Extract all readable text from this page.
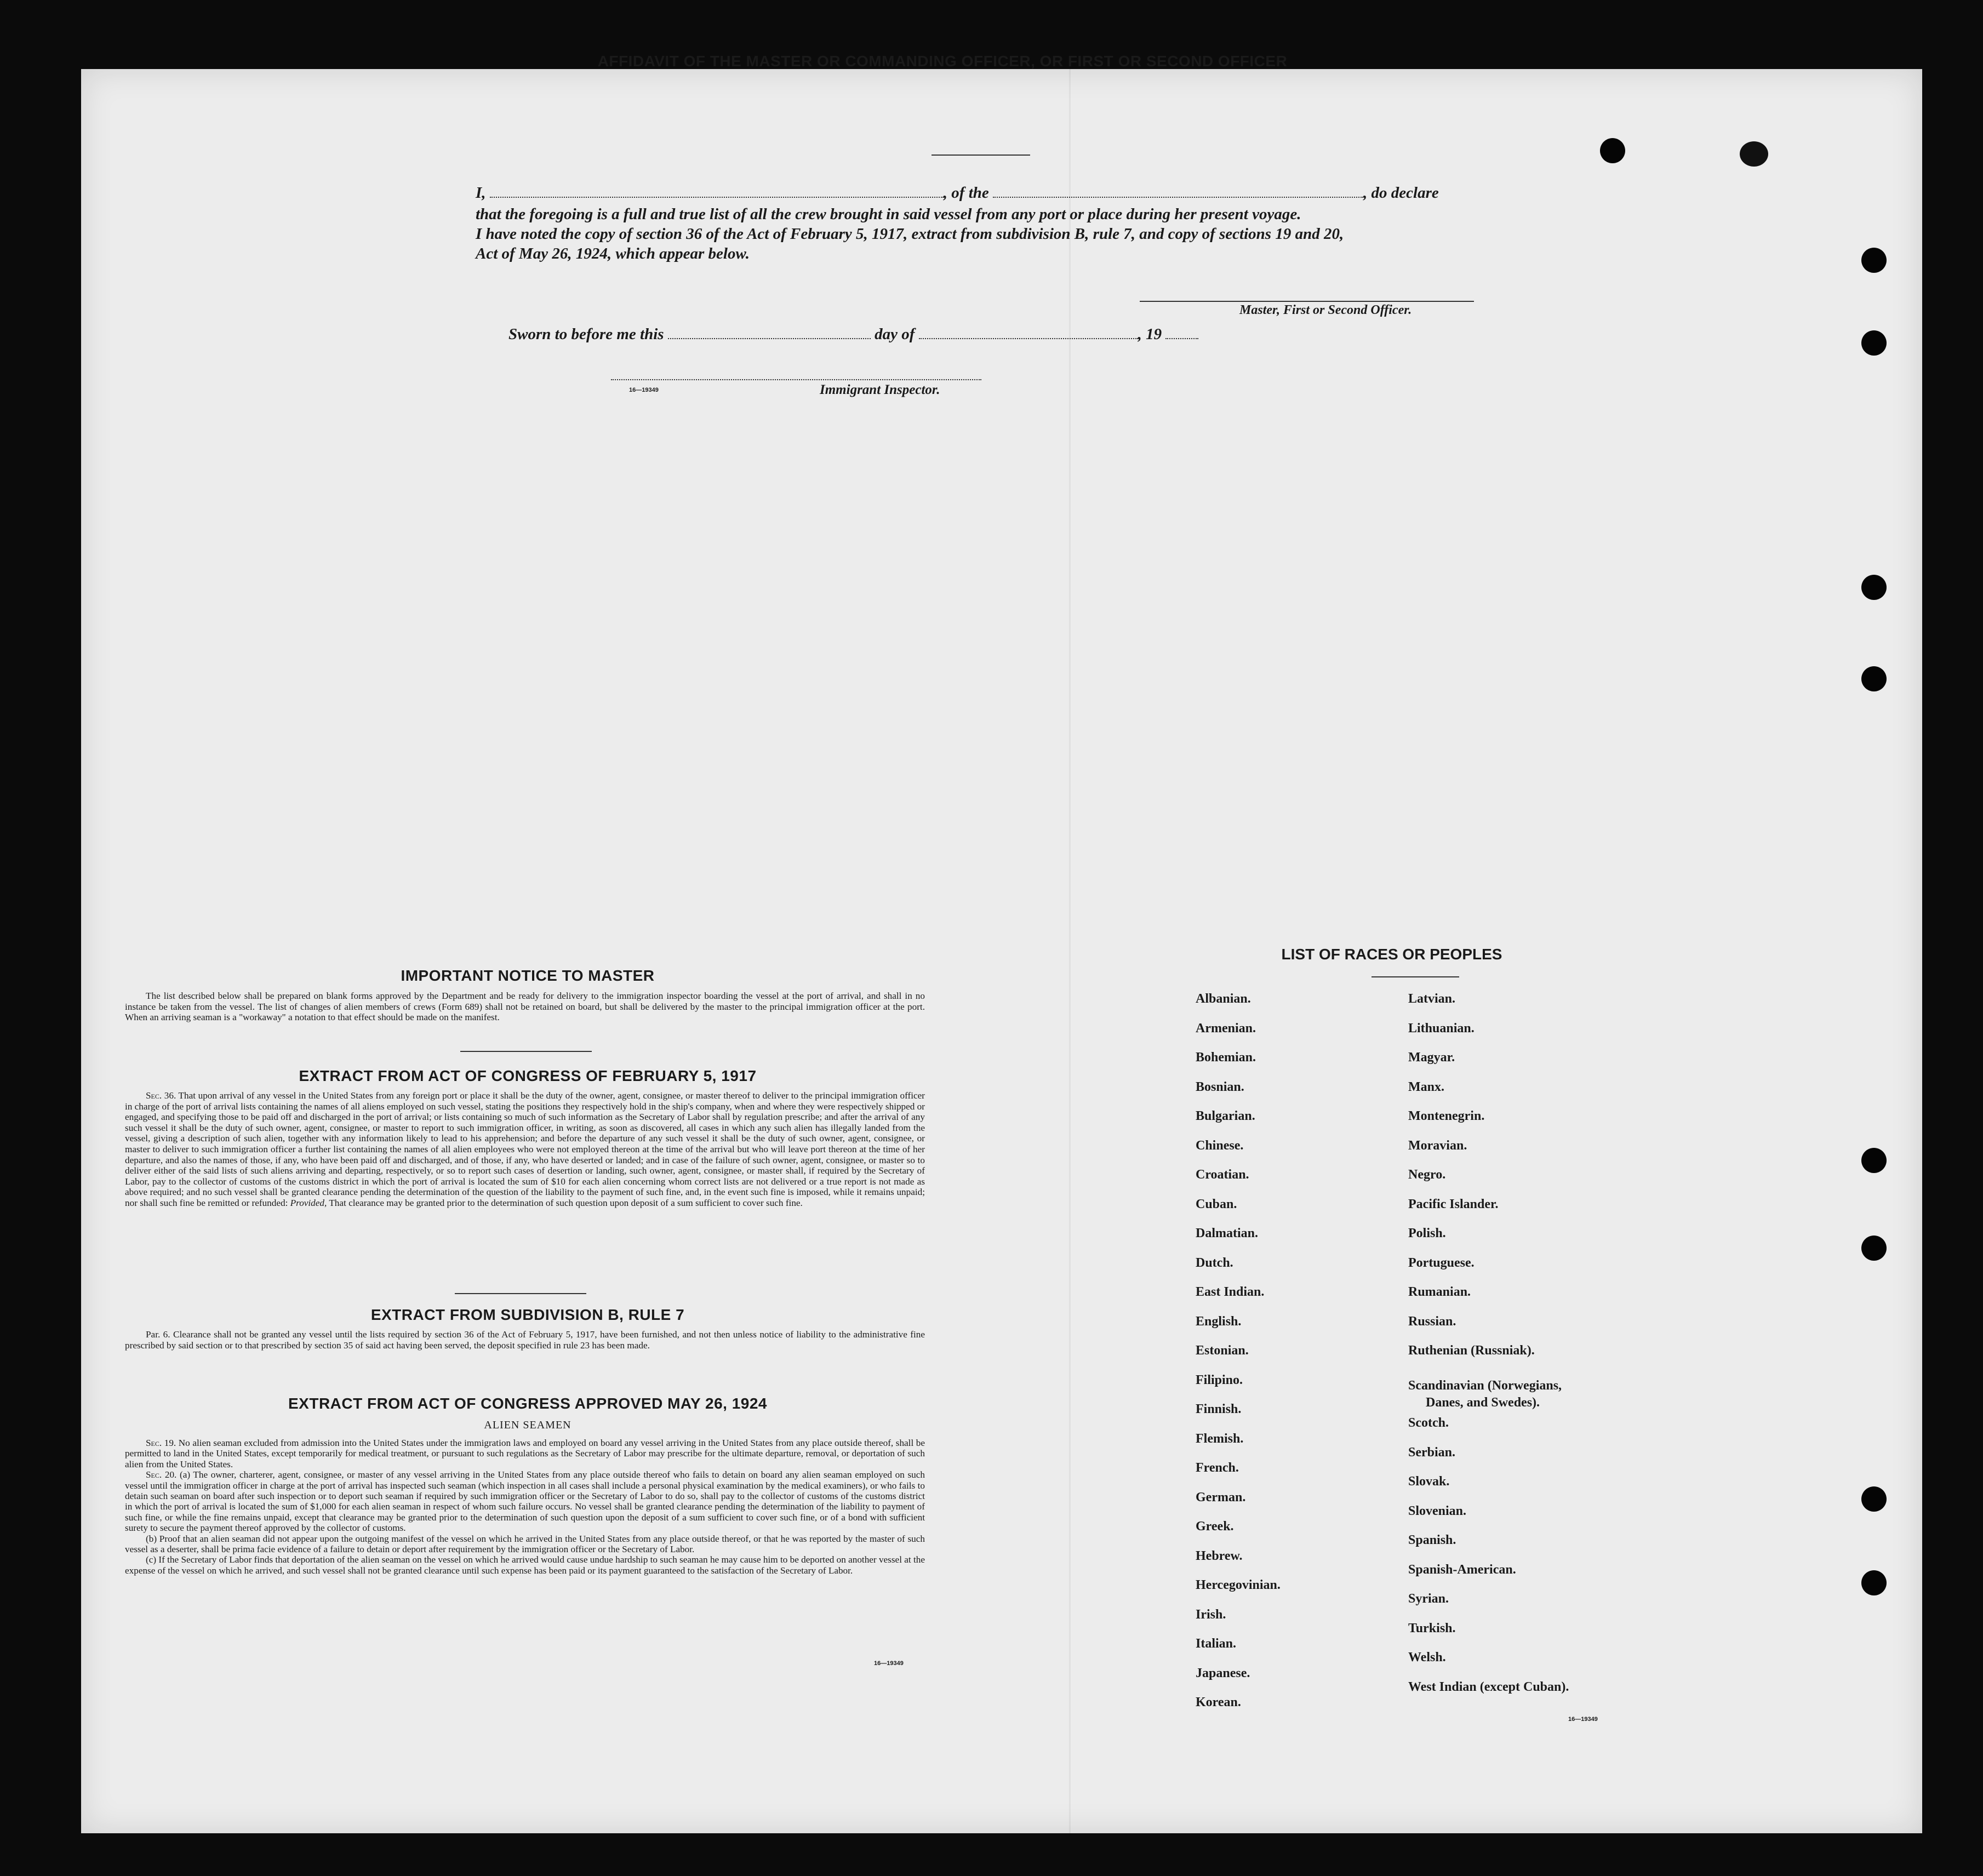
AFFIDAVIT OF THE MASTER OR COMMANDING OFFICER, OR FIRST OR SECOND OFFICER
I,	, of the	, do declare
that the foregoing is a full and true list of all the crew brought in said vessel from any port or place during her present voyage.
I have noted the copy of section 36 of the Act of February 5, 1917, extract from subdivision B, rule 7, and copy of sections 19 and 20,
Act of May 26, 1924, which appear below.
Master, First or Second Officer.
Sworn to before me this	day of	, 19
16—19349	Immigrant Inspector.
IMPORTANT NOTICE TO MASTER

The list described below shall be prepared on blank forms approved by the Department and be ready for delivery to the immigration inspector boarding the vessel at the port of arrival, and shall in no instance be taken from the vessel. The list of changes of alien members of crews (Form 689) shall not be retained on board, but shall be delivered by the master to the principal immigration officer at the port. When an arriving seaman is a "workaway" a notation to that effect should be made on the manifest.

EXTRACT FROM ACT OF CONGRESS OF FEBRUARY 5, 1917

Sec. 36. That upon arrival of any vessel in the United States from any foreign port or place it shall be the duty of the owner, agent, consignee, or master thereof to deliver to the principal immigration officer in charge of the port of arrival lists containing the names of all aliens employed on such vessel, stating the positions they respectively hold in the ship's company, when and where they were respectively shipped or engaged, and specifying those to be paid off and discharged in the port of arrival; or lists containing so much of such information as the Secretary of Labor shall by regulation prescribe; and after the arrival of any such vessel it shall be the duty of such owner, agent, consignee, or master to report to such immigration officer, in writing, as soon as discovered, all cases in which any such alien has illegally landed from the vessel, giving a description of such alien, together with any information likely to lead to his apprehension; and before the departure of any such vessel it shall be the duty of such owner, agent, consignee, or master to deliver to such immigration officer a further list containing the names of all alien employees who were not employed thereon at the time of the arrival but who will leave port thereon at the time of her departure, and also the names of those, if any, who have been paid off and discharged, and of those, if any, who have deserted or landed; and in case of the failure of such owner, agent, consignee, or master so to deliver either of the said lists of such aliens arriving and departing, respectively, or so to report such cases of desertion or landing, such owner, agent, consignee, or master shall, if required by the Secretary of Labor, pay to the collector of customs of the customs district in which the port of arrival is located the sum of $10 for each alien concerning whom correct lists are not delivered or a true report is not made as above required; and no such vessel shall be granted clearance pending the determination of the question of the liability to the payment of such fine, and, in the event such fine is imposed, while it remains unpaid; nor shall such fine be remitted or refunded: Provided, That clearance may be granted prior to the determination of such question upon deposit of a sum sufficient to cover such fine.

EXTRACT FROM SUBDIVISION B, RULE 7

Par. 6. Clearance shall not be granted any vessel until the lists required by section 36 of the Act of February 5, 1917, have been furnished, and not then unless notice of liability to the administrative fine prescribed by said section or to that prescribed by section 35 of said act having been served, the deposit specified in rule 23 has been made.

EXTRACT FROM ACT OF CONGRESS APPROVED MAY 26, 1924
ALIEN SEAMEN

Sec. 19. No alien seaman excluded from admission into the United States under the immigration laws and employed on board any vessel arriving in the United States from any place outside thereof, shall be permitted to land in the United States, except temporarily for medical treatment, or pursuant to such regulations as the Secretary of Labor may prescribe for the ultimate departure, removal, or deportation of such alien from the United States.

Sec. 20. (a) The owner, charterer, agent, consignee, or master of any vessel arriving in the United States from any place outside thereof who fails to detain on board any alien seaman employed on such vessel until the immigration officer in charge at the port of arrival has inspected such seaman (which inspection in all cases shall include a personal physical examination by the medical examiners), or who fails to detain such seaman on board after such inspection or to deport such seaman if required by such immigration officer or the Secretary of Labor to do so, shall pay to the collector of customs of the customs district in which the port of arrival is located the sum of $1,000 for each alien seaman in respect of whom such failure occurs. No vessel shall be granted clearance pending the determination of the liability to payment of such fine, or while the fine remains unpaid, except that clearance may be granted prior to the determination of such question upon the deposit of a sum sufficient to cover such fine, or of a bond with sufficient surety to secure the payment thereof approved by the collector of customs.

(b) Proof that an alien seaman did not appear upon the outgoing manifest of the vessel on which he arrived in the United States from any place outside thereof, or that he was reported by the master of such vessel as a deserter, shall be prima facie evidence of a failure to detain or deport after requirement by the immigration officer or the Secretary of Labor.

(c) If the Secretary of Labor finds that deportation of the alien seaman on the vessel on which he arrived would cause undue hardship to such seaman he may cause him to be deported on another vessel at the expense of the vessel on which he arrived, and such vessel shall not be granted clearance until such expense has been paid or its payment guaranteed to the satisfaction of the Secretary of Labor.

16—19349
LIST OF RACES OR PEOPLES
Albanian.
Armenian.
Bohemian.
Bosnian.
Bulgarian.
Chinese.
Croatian.
Cuban.
Dalmatian.
Dutch.
East Indian.
English.
Estonian.
Filipino.
Finnish.
Flemish.
French.
German.
Greek.
Hebrew.
Hercegovinian.
Irish.
Italian.
Japanese.
Korean.
Latvian.
Lithuanian.
Magyar.
Manx.
Montenegrin.
Moravian.
Negro.
Pacific Islander.
Polish.
Portuguese.
Rumanian.
Russian.
Ruthenian (Russniak).
Scandinavian (Norwegians,
Scotch.
Serbian.
Slovak.
Slovenian.
Spanish.
Spanish-American.
Syrian.
Turkish.
Welsh.
West Indian (except Cuban).
Danes, and Swedes).
16—19349
